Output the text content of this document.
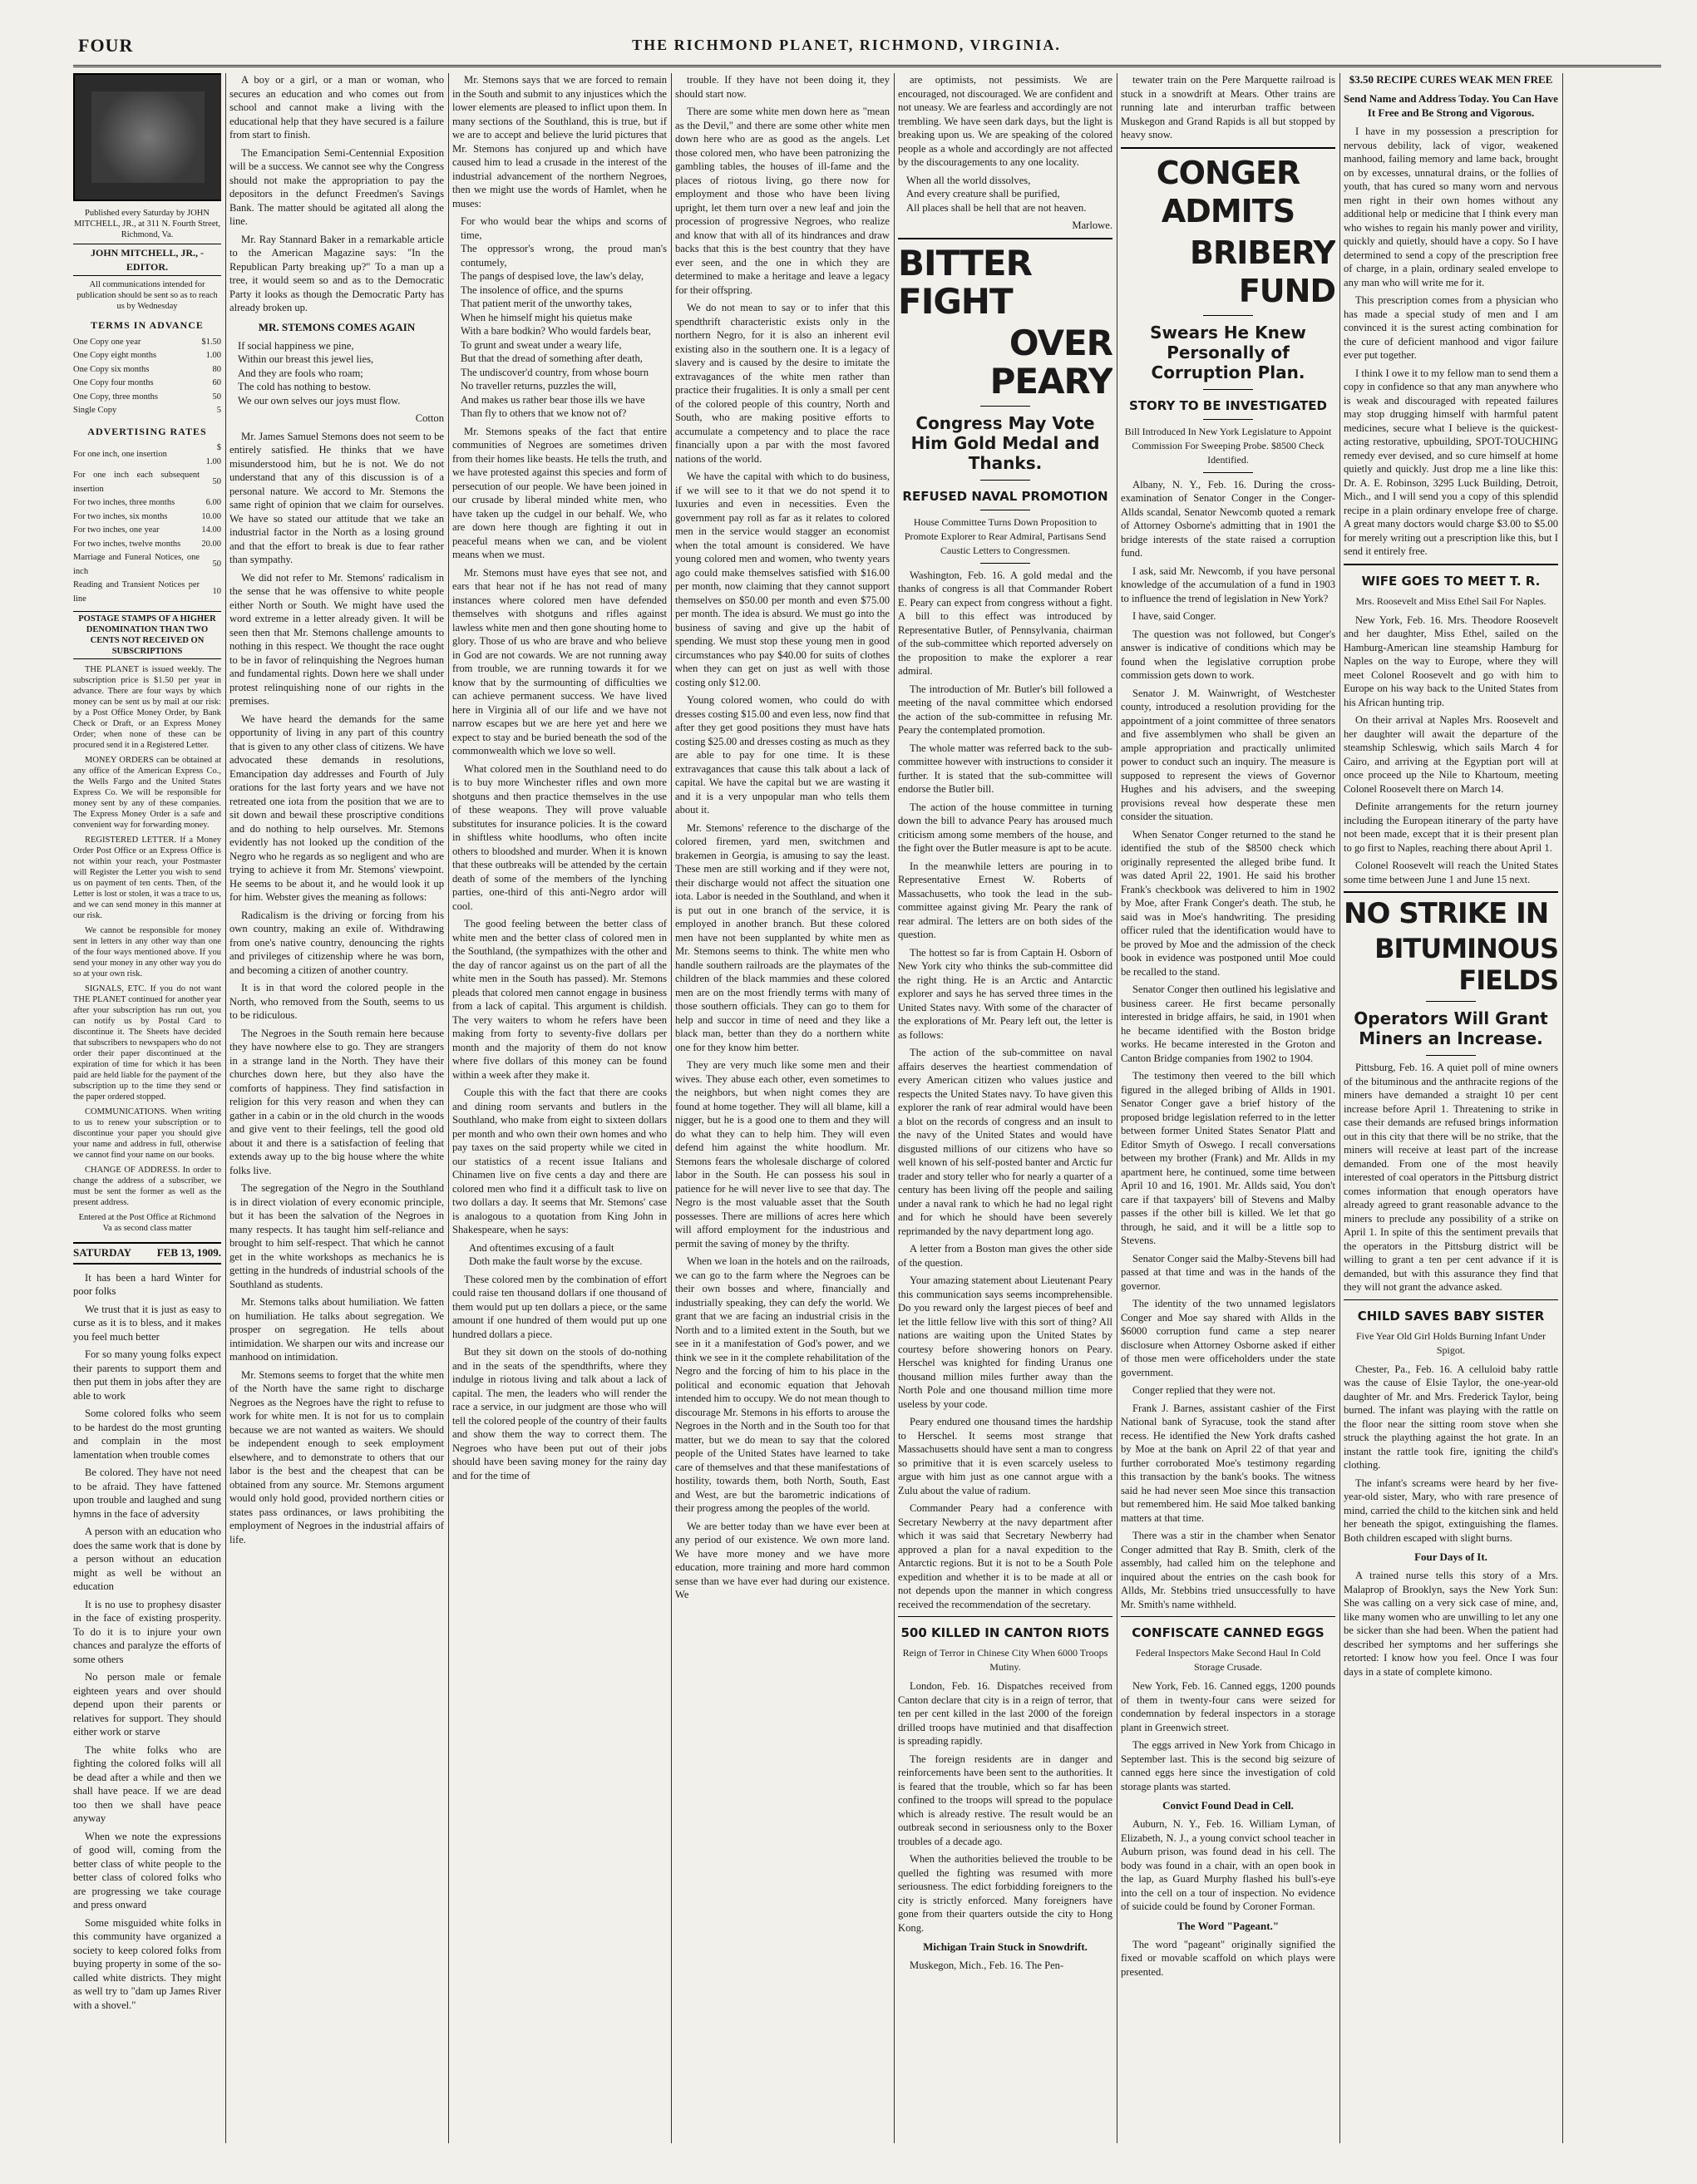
FOUR	THE RICHMOND PLANET, RICHMOND, VIRGINIA.
Published every Saturday by JOHN MITCHELL, JR., at 311 N. Fourth Street, Richmond, Va.
JOHN MITCHELL, JR., - EDITOR.
All communications intended for publication should be sent so as to reach us by Wednesday
TERMS IN ADVANCE
One Copy one year	$1.50
One Copy eight months	1.00
One Copy six months	80
One Copy four months	60
One Copy, three months	50
Single Copy	5
ADVERTISING RATES
For one inch, one insertion	$ 1.00
For one inch each subsequent insertion	50
For two inches, three months	6.00
For two inches, six months	10.00
For two inches, one year	14.00
For two inches, twelve months	20.00
Marriage and Funeral Notices, one inch	50
Reading and Transient Notices per line	10
POSTAGE STAMPS OF A HIGHER DENOMINATION THAN TWO CENTS NOT RECEIVED ON SUBSCRIPTIONS

THE PLANET is issued weekly. The subscription price is $1.50 per year in advance. There are four ways by which money can be sent us by mail at our risk: by a Post Office Money Order, by Bank Check or Draft, or an Express Money Order; when none of these can be procured send it in a Registered Letter.

MONEY ORDERS can be obtained at any office of the American Express Co., the Wells Fargo and the United States Express Co. We will be responsible for money sent by any of these companies. The Express Money Order is a safe and convenient way for forwarding money.

REGISTERED LETTER. If a Money Order Post Office or an Express Office is not within your reach, your Postmaster will Register the Letter you wish to send us on payment of ten cents. Then, of the Letter is lost or stolen, it was a trace to us, and we can send money in this manner at our risk.

We cannot be responsible for money sent in letters in any other way than one of the four ways mentioned above. If you send your money in any other way you do so at your own risk.

SIGNALS, ETC. If you do not want THE PLANET continued for another year after your subscription has run out, you can notify us by Postal Card to discontinue it. The Sheets have decided that subscribers to newspapers who do not order their paper discontinued at the expiration of time for which it has been paid are held liable for the payment of the subscription up to the time they send or the paper ordered stopped.

COMMUNICATIONS. When writing to us to renew your subscription or to discontinue your paper you should give your name and address in full, otherwise we cannot find your name on our books.

CHANGE OF ADDRESS. In order to change the address of a subscriber, we must be sent the former as well as the present address.

Entered at the Post Office at Richmond Va as second class matter

SATURDAY FEB 13, 1909.

It has been a hard Winter for poor folks

We trust that it is just as easy to curse as it is to bless, and it makes you feel much better

For so many young folks expect their parents to support them and then put them in jobs after they are able to work

Some colored folks who seem to be hardest do the most grunting and complain in the most lamentation when trouble comes

Be colored. They have not need to be afraid. They have fattened upon trouble and laughed and sung hymns in the face of adversity

A person with an education who does the same work that is done by a person without an education might as well be without an education

It is no use to prophesy disaster in the face of existing prosperity. To do it is to injure your own chances and paralyze the efforts of some others

No person male or female eighteen years and over should depend upon their parents or relatives for support. They should either work or starve

The white folks who are fighting the colored folks will all be dead after a while and then we shall have peace. If we are dead too then we shall have peace anyway

When we note the expressions of good will, coming from the better class of white people to the better class of colored folks who are progressing we take courage and press onward

Some misguided white folks in this community have organized a society to keep colored folks from buying property in some of the so-called white districts. They might as well try to "dam up James River with a shovel."

A boy or a girl, or a man or woman, who secures an education and who comes out from school and cannot make a living with the educational help that they have secured is a failure from start to finish.

The Emancipation Semi-Centennial Exposition will be a success. We cannot see why the Congress should not make the appropriation to pay the depositors in the defunct Freedmen's Savings Bank. The matter should be agitated all along the line.

Mr. Ray Stannard Baker in a remarkable article to the American Magazine says: "In the Republican Party breaking up?" To a man up a tree, it would seem so and as to the Democratic Party it looks as though the Democratic Party has already broken up.

MR. STEMONS COMES AGAIN

If social happiness we pine,
Within our breast this jewel lies,
And they are fools who roam;
The cold has nothing to bestow.
We our own selves our joys must flow.

Cotton

Mr. James Samuel Stemons does not seem to be entirely satisfied. He thinks that we have misunderstood him, but he is not. We do not understand that any of this discussion is of a personal nature. We accord to Mr. Stemons the same right of opinion that we claim for ourselves. We have so stated our attitude that we take an industrial factor in the North as a losing ground and that the effort to break is due to fear rather than sympathy.

We did not refer to Mr. Stemons' radicalism in the sense that he was offensive to white people either North or South. We might have used the word extreme in a letter already given. It will be seen then that Mr. Stemons challenge amounts to nothing in this respect. We thought the race ought to be in favor of relinquishing the Negroes human and fundamental rights. Down here we shall under protest relinquishing none of our rights in the premises.

We have heard the demands for the same opportunity of living in any part of this country that is given to any other class of citizens. We have advocated these demands in resolutions, Emancipation day addresses and Fourth of July orations for the last forty years and we have not retreated one iota from the position that we are to sit down and bewail these proscriptive conditions and do nothing to help ourselves. Mr. Stemons evidently has not looked up the condition of the Negro who he regards as so negligent and who are trying to achieve it from Mr. Stemons' viewpoint. He seems to be about it, and he would look it up for him. Webster gives the meaning as follows:

Radicalism is the driving or forcing from his own country, making an exile of. Withdrawing from one's native country, denouncing the rights and privileges of citizenship where he was born, and becoming a citizen of another country.

It is in that word the colored people in the North, who removed from the South, seems to us to be ridiculous.

The Negroes in the South remain here because they have nowhere else to go. They are strangers in a strange land in the North. They have their churches down here, but they also have the comforts of happiness. They find satisfaction in religion for this very reason and when they can gather in a cabin or in the old church in the woods and give vent to their feelings, tell the good old about it and there is a satisfaction of feeling that extends away up to the big house where the white folks live.

The segregation of the Negro in the Southland is in direct violation of every economic principle, but it has been the salvation of the Negroes in many respects. It has taught him self-reliance and brought to him self-respect. That which he cannot get in the white workshops as mechanics he is getting in the hundreds of industrial schools of the Southland as students.

Mr. Stemons talks about humiliation. We fatten on humiliation. He talks about segregation. We prosper on segregation. He tells about intimidation. We sharpen our wits and increase our manhood on intimidation.

Mr. Stemons seems to forget that the white men of the North have the same right to discharge Negroes as the Negroes have the right to refuse to work for white men. It is not for us to complain because we are not wanted as waiters. We should be independent enough to seek employment elsewhere, and to demonstrate to others that our labor is the best and the cheapest that can be obtained from any source. Mr. Stemons argument would only hold good, provided northern cities or states pass ordinances, or laws prohibiting the employment of Negroes in the industrial affairs of life.

Mr. Stemons says that we are forced to remain in the South and submit to any injustices which the lower elements are pleased to inflict upon them. In many sections of the Southland, this is true, but if we are to accept and believe the lurid pictures that Mr. Stemons has conjured up and which have caused him to lead a crusade in the interest of the industrial advancement of the northern Negroes, then we might use the words of Hamlet, when he muses:

For who would bear the whips and scorns of time,
The oppressor's wrong, the proud man's contumely,
The pangs of despised love, the law's delay,
The insolence of office, and the spurns
That patient merit of the unworthy takes,
When he himself might his quietus make
With a bare bodkin? Who would fardels bear,
To grunt and sweat under a weary life,
But that the dread of something after death,
The undiscover'd country, from whose bourn
No traveller returns, puzzles the will,
And makes us rather bear those ills we have
Than fly to others that we know not of?

Mr. Stemons speaks of the fact that entire communities of Negroes are sometimes driven from their homes like beasts. He tells the truth, and we have protested against this species and form of persecution of our people. We have been joined in our crusade by liberal minded white men, who have taken up the cudgel in our behalf. We, who are down here though are fighting it out in peaceful means when we can, and be violent means when we must.

Mr. Stemons must have eyes that see not, and ears that hear not if he has not read of many instances where colored men have defended themselves with shotguns and rifles against lawless white men and then gone shouting home to glory. Those of us who are brave and who believe in God are not cowards. We are not running away from trouble, we are running towards it for we know that by the surmounting of difficulties we can achieve permanent success. We have lived here in Virginia all of our life and we have not narrow escapes but we are here yet and here we expect to stay and be buried beneath the sod of the commonwealth which we love so well.

What colored men in the Southland need to do is to buy more Winchester rifles and own more shotguns and then practice themselves in the use of these weapons. They will prove valuable substitutes for insurance policies. It is the coward in shiftless white hoodlums, who often incite others to bloodshed and murder. When it is known that these outbreaks will be attended by the certain death of some of the members of the lynching parties, one-third of this anti-Negro ardor will cool.

The good feeling between the better class of white men and the better class of colored men in the Southland, (the sympathizes with the other and the day of rancor against us on the part of all the white men in the South has passed). Mr. Stemons pleads that colored men cannot engage in business from a lack of capital. This argument is childish. The very waiters to whom he refers have been making from forty to seventy-five dollars per month and the majority of them do not know where five dollars of this money can be found within a week after they make it.

Couple this with the fact that there are cooks and dining room servants and butlers in the Southland, who make from eight to sixteen dollars per month and who own their own homes and who pay taxes on the said property while we cited in our statistics of a recent issue Italians and Chinamen live on five cents a day and there are colored men who find it a difficult task to live on two dollars a day. It seems that Mr. Stemons' case is analogous to a quotation from King John in Shakespeare, when he says:

And oftentimes excusing of a fault
Doth make the fault worse by the excuse.

These colored men by the combination of effort could raise ten thousand dollars if one thousand of them would put up ten dollars a piece, or the same amount if one hundred of them would put up one hundred dollars a piece.

But they sit down on the stools of do-nothing and in the seats of the spendthrifts, where they indulge in riotous living and talk about a lack of capital. The men, the leaders who will render the race a service, in our judgment are those who will tell the colored people of the country of their faults and show them the way to correct them. The Negroes who have been put out of their jobs should have been saving money for the rainy day and for the time of

trouble. If they have not been doing it, they should start now.

There are some white men down here as "mean as the Devil," and there are some other white men down here who are as good as the angels. Let those colored men, who have been patronizing the gambling tables, the houses of ill-fame and the places of riotous living, go there now for employment and those who have been living upright, let them turn over a new leaf and join the procession of progressive Negroes, who realize and know that with all of its hindrances and draw backs that this is the best country that they have ever seen, and the one in which they are determined to make a heritage and leave a legacy for their offspring.

We do not mean to say or to infer that this spendthrift characteristic exists only in the northern Negro, for it is also an inherent evil existing also in the southern one. It is a legacy of slavery and is caused by the desire to imitate the extravagances of the white men rather than practice their frugalities. It is only a small per cent of the colored people of this country, North and South, who are making positive efforts to accumulate a competency and to place the race financially upon a par with the most favored nations of the world.

We have the capital with which to do business, if we will see to it that we do not spend it to luxuries and even in necessities. Even the government pay roll as far as it relates to colored men in the service would stagger an economist when the total amount is considered. We have young colored men and women, who twenty years ago could make themselves satisfied with $16.00 per month, now claiming that they cannot support themselves on $50.00 per month and even $75.00 per month. The idea is absurd. We must go into the business of saving and give up the habit of spending. We must stop these young men in good circumstances who pay $40.00 for suits of clothes when they can get on just as well with those costing only $12.00.

Young colored women, who could do with dresses costing $15.00 and even less, now find that after they get good positions they must have hats costing $25.00 and dresses costing as much as they are able to pay for one time. It is these extravagances that cause this talk about a lack of capital. We have the capital but we are wasting it and it is a very unpopular man who tells them about it.

Mr. Stemons' reference to the discharge of the colored firemen, yard men, switchmen and brakemen in Georgia, is amusing to say the least. These men are still working and if they were not, their discharge would not affect the situation one iota. Labor is needed in the Southland, and when it is put out in one branch of the service, it is employed in another branch. But these colored men have not been supplanted by white men as Mr. Stemons seems to think. The white men who handle southern railroads are the playmates of the children of the black mammies and these colored men are on the most friendly terms with many of those southern officials. They can go to them for help and succor in time of need and they like a black man, better than they do a northern white one for they know him better.

They are very much like some men and their wives. They abuse each other, even sometimes to the neighbors, but when night comes they are found at home together. They will all blame, kill a nigger, but he is a good one to them and they will do what they can to help him. They will even defend him against the white hoodlum. Mr. Stemons fears the wholesale discharge of colored labor in the South. He can possess his soul in patience for he will never live to see that day. The Negro is the most valuable asset that the South possesses. There are millions of acres here which will afford employment for the industrious and permit the saving of money by the thrifty.

When we loan in the hotels and on the railroads, we can go to the farm where the Negroes can be their own bosses and where, financially and industrially speaking, they can defy the world. We grant that we are facing an industrial crisis in the North and to a limited extent in the South, but we see in it a manifestation of God's power, and we think we see in it the complete rehabilitation of the Negro and the forcing of him to his place in the political and economic equation that Jehovah intended him to occupy. We do not mean though to discourage Mr. Stemons in his efforts to arouse the Negroes in the North and in the South too for that matter, but we do mean to say that the colored people of the United States have learned to take care of themselves and that these manifestations of hostility, towards them, both North, South, East and West, are but the barometric indications of their progress among the peoples of the world.

We are better today than we have ever been at any period of our existence. We own more land. We have more money and we have more education, more training and more hard common sense than we have ever had during our existence. We

are optimists, not pessimists. We are encouraged, not discouraged. We are confident and not uneasy. We are fearless and accordingly are not trembling. We have seen dark days, but the light is breaking upon us. We are speaking of the colored people as a whole and accordingly are not affected by the discouragements to any one locality.

When all the world dissolves,
And every creature shall be purified,
All places shall be hell that are not heaven.

Marlowe.

BITTER FIGHT
OVER PEARY
Congress May Vote Him Gold Medal and Thanks.
REFUSED NAVAL PROMOTION
House Committee Turns Down Proposition to Promote Explorer to Rear Admiral, Partisans Send Caustic Letters to Congressmen.

Washington, Feb. 16. A gold medal and the thanks of congress is all that Commander Robert E. Peary can expect from congress without a fight. A bill to this effect was introduced by Representative Butler, of Pennsylvania, chairman of the sub-committee which reported adversely on the proposition to make the explorer a rear admiral.

The introduction of Mr. Butler's bill followed a meeting of the naval committee which endorsed the action of the sub-committee in refusing Mr. Peary the contemplated promotion.

The whole matter was referred back to the sub-committee however with instructions to consider it further. It is stated that the sub-committee will endorse the Butler bill.

The action of the house committee in turning down the bill to advance Peary has aroused much criticism among some members of the house, and the fight over the Butler measure is apt to be acute.

In the meanwhile letters are pouring in to Representative Ernest W. Roberts of Massachusetts, who took the lead in the sub-committee against giving Mr. Peary the rank of rear admiral. The letters are on both sides of the question.

The hottest so far is from Captain H. Osborn of New York city who thinks the sub-committee did the right thing. He is an Arctic and Antarctic explorer and says he has served three times in the United States navy. With some of the character of the explorations of Mr. Peary left out, the letter is as follows:

The action of the sub-committee on naval affairs deserves the heartiest commendation of every American citizen who values justice and respects the United States navy. To have given this explorer the rank of rear admiral would have been a blot on the records of congress and an insult to the navy of the United States and would have disgusted millions of our citizens who have so well known of his self-posted banter and Arctic fur trader and story teller who for nearly a quarter of a century has been living off the people and sailing under a naval rank to which he had no legal right and for which he should have been severely reprimanded by the navy department long ago.

A letter from a Boston man gives the other side of the question.

Your amazing statement about Lieutenant Peary this communication says seems incomprehensible. Do you reward only the largest pieces of beef and let the little fellow live with this sort of thing? All nations are waiting upon the United States by courtesy before showering honors on Peary. Herschel was knighted for finding Uranus one thousand million miles further away than the North Pole and one thousand million time more useless by your code.

Peary endured one thousand times the hardship to Herschel. It seems most strange that Massachusetts should have sent a man to congress so primitive that it is even scarcely useless to argue with him just as one cannot argue with a Zulu about the value of radium.

Commander Peary had a conference with Secretary Newberry at the navy department after which it was said that Secretary Newberry had approved a plan for a naval expedition to the Antarctic regions. But it is not to be a South Pole expedition and whether it is to be made at all or not depends upon the manner in which congress received the recommendation of the secretary.

500 KILLED IN CANTON RIOTS
Reign of Terror in Chinese City When 6000 Troops Mutiny.

London, Feb. 16. Dispatches received from Canton declare that city is in a reign of terror, that ten per cent killed in the last 2000 of the foreign drilled troops have mutinied and that disaffection is spreading rapidly.

The foreign residents are in danger and reinforcements have been sent to the authorities. It is feared that the trouble, which so far has been confined to the troops will spread to the populace which is already restive. The result would be an outbreak second in seriousness only to the Boxer troubles of a decade ago.

When the authorities believed the trouble to be quelled the fighting was resumed with more seriousness. The edict forbidding foreigners to the city is strictly enforced. Many foreigners have gone from their quarters outside the city to Hong Kong.

Michigan Train Stuck in Snowdrift.

Muskegon, Mich., Feb. 16. The Pen-

tewater train on the Pere Marquette railroad is stuck in a snowdrift at Mears. Other trains are running late and interurban traffic between Muskegon and Grand Rapids is all but stopped by heavy snow.

CONGER ADMITS
BRIBERY FUND
Swears He Knew Personally of Corruption Plan.
STORY TO BE INVESTIGATED
Bill Introduced In New York Legislature to Appoint Commission For Sweeping Probe. $8500 Check Identified.

Albany, N. Y., Feb. 16. During the cross-examination of Senator Conger in the Conger-Allds scandal, Senator Newcomb quoted a remark of Attorney Osborne's admitting that in 1901 the bridge interests of the state raised a corruption fund.

I ask, said Mr. Newcomb, if you have personal knowledge of the accumulation of a fund in 1903 to influence the trend of legislation in New York?

I have, said Conger.

The question was not followed, but Conger's answer is indicative of conditions which may be found when the legislative corruption probe commission gets down to work.

Senator J. M. Wainwright, of Westchester county, introduced a resolution providing for the appointment of a joint committee of three senators and five assemblymen who shall be given an ample appropriation and practically unlimited power to conduct such an inquiry. The measure is supposed to represent the views of Governor Hughes and his advisers, and the sweeping provisions reveal how desperate these men consider the situation.

When Senator Conger returned to the stand he identified the stub of the $8500 check which originally represented the alleged bribe fund. It was dated April 22, 1901. He said his brother Frank's checkbook was delivered to him in 1902 by Moe, after Frank Conger's death. The stub, he said was in Moe's handwriting. The presiding officer ruled that the identification would have to be proved by Moe and the admission of the check book in evidence was postponed until Moe could be recalled to the stand.

Senator Conger then outlined his legislative and business career. He first became personally interested in bridge affairs, he said, in 1901 when he became identified with the Boston bridge works. He became interested in the Groton and Canton Bridge companies from 1902 to 1904.

The testimony then veered to the bill which figured in the alleged bribing of Allds in 1901. Senator Conger gave a brief history of the proposed bridge legislation referred to in the letter between former United States Senator Platt and Editor Smyth of Oswego. I recall conversations between my brother (Frank) and Mr. Allds in my apartment here, he continued, some time between April 10 and 16, 1901. Mr. Allds said, You don't care if that taxpayers' bill of Stevens and Malby passes if the other bill is killed. We let that go through, he said, and it will be a little sop to Stevens.

Senator Conger said the Malby-Stevens bill had passed at that time and was in the hands of the governor.

The identity of the two unnamed legislators Conger and Moe say shared with Allds in the $6000 corruption fund came a step nearer disclosure when Attorney Osborne asked if either of those men were officeholders under the state government.

Conger replied that they were not.

Frank J. Barnes, assistant cashier of the First National bank of Syracuse, took the stand after recess. He identified the New York drafts cashed by Moe at the bank on April 22 of that year and further corroborated Moe's testimony regarding this transaction by the bank's books. The witness said he had never seen Moe since this transaction but remembered him. He said Moe talked banking matters at that time.

There was a stir in the chamber when Senator Conger admitted that Ray B. Smith, clerk of the assembly, had called him on the telephone and inquired about the entries on the cash book for Allds, Mr. Stebbins tried unsuccessfully to have Mr. Smith's name withheld.

CONFISCATE CANNED EGGS
Federal Inspectors Make Second Haul In Cold Storage Crusade.

New York, Feb. 16. Canned eggs, 1200 pounds of them in twenty-four cans were seized for condemnation by federal inspectors in a storage plant in Greenwich street.

The eggs arrived in New York from Chicago in September last. This is the second big seizure of canned eggs here since the investigation of cold storage plants was started.

Convict Found Dead in Cell.

Auburn, N. Y., Feb. 16. William Lyman, of Elizabeth, N. J., a young convict school teacher in Auburn prison, was found dead in his cell. The body was found in a chair, with an open book in the lap, as Guard Murphy flashed his bull's-eye into the cell on a tour of inspection. No evidence of suicide could be found by Coroner Forman.

The Word "Pageant."

The word "pageant" originally signified the fixed or movable scaffold on which plays were presented.

$3.50 RECIPE CURES WEAK MEN FREE
Send Name and Address Today. You Can Have It Free and Be Strong and Vigorous.

I have in my possession a prescription for nervous debility, lack of vigor, weakened manhood, failing memory and lame back, brought on by excesses, unnatural drains, or the follies of youth, that has cured so many worn and nervous men right in their own homes without any additional help or medicine that I think every man who wishes to regain his manly power and virility, quickly and quietly, should have a copy. So I have determined to send a copy of the prescription free of charge, in a plain, ordinary sealed envelope to any man who will write me for it.

This prescription comes from a physician who has made a special study of men and I am convinced it is the surest acting combination for the cure of deficient manhood and vigor failure ever put together.

I think I owe it to my fellow man to send them a copy in confidence so that any man anywhere who is weak and discouraged with repeated failures may stop drugging himself with harmful patent medicines, secure what I believe is the quickest-acting restorative, upbuilding, SPOT-TOUCHING remedy ever devised, and so cure himself at home quietly and quickly. Just drop me a line like this: Dr. A. E. Robinson, 3295 Luck Building, Detroit, Mich., and I will send you a copy of this splendid recipe in a plain ordinary envelope free of charge. A great many doctors would charge $3.00 to $5.00 for merely writing out a prescription like this, but I send it entirely free.

WIFE GOES TO MEET T. R.
Mrs. Roosevelt and Miss Ethel Sail For Naples.

New York, Feb. 16. Mrs. Theodore Roosevelt and her daughter, Miss Ethel, sailed on the Hamburg-American line steamship Hamburg for Naples on the way to Europe, where they will meet Colonel Roosevelt and go with him to Europe on his way back to the United States from his African hunting trip.

On their arrival at Naples Mrs. Roosevelt and her daughter will await the departure of the steamship Schleswig, which sails March 4 for Cairo, and arriving at the Egyptian port will at once proceed up the Nile to Khartoum, meeting Colonel Roosevelt there on March 14.

Definite arrangements for the return journey including the European itinerary of the party have not been made, except that it is their present plan to go first to Naples, reaching there about April 1.

Colonel Roosevelt will reach the United States some time between June 1 and June 15 next.

NO STRIKE IN
BITUMINOUS FIELDS
Operators Will Grant Miners an Increase.

Pittsburg, Feb. 16. A quiet poll of mine owners of the bituminous and the anthracite regions of the miners have demanded a straight 10 per cent increase before April 1. Threatening to strike in case their demands are refused brings information out in this city that there will be no strike, that the miners will receive at least part of the increase demanded. From one of the most heavily interested of coal operators in the Pittsburg district comes information that enough operators have already agreed to grant reasonable advance to the miners to preclude any possibility of a strike on April 1. In spite of this the sentiment prevails that the operators in the Pittsburg district will be willing to grant a ten per cent advance if it is demanded, but with this assurance they find that they will not grant the advance asked.

CHILD SAVES BABY SISTER
Five Year Old Girl Holds Burning Infant Under Spigot.

Chester, Pa., Feb. 16. A celluloid baby rattle was the cause of Elsie Taylor, the one-year-old daughter of Mr. and Mrs. Frederick Taylor, being burned. The infant was playing with the rattle on the floor near the sitting room stove when she struck the plaything against the hot grate. In an instant the rattle took fire, igniting the child's clothing.

The infant's screams were heard by her five-year-old sister, Mary, who with rare presence of mind, carried the child to the kitchen sink and held her beneath the spigot, extinguishing the flames. Both children escaped with slight burns.

Four Days of It.

A trained nurse tells this story of a Mrs. Malaprop of Brooklyn, says the New York Sun: She was calling on a very sick case of mine, and, like many women who are unwilling to let any one be sicker than she had been. When the patient had described her symptoms and her sufferings she retorted: I know how you feel. Once I was four days in a state of complete kimono.
